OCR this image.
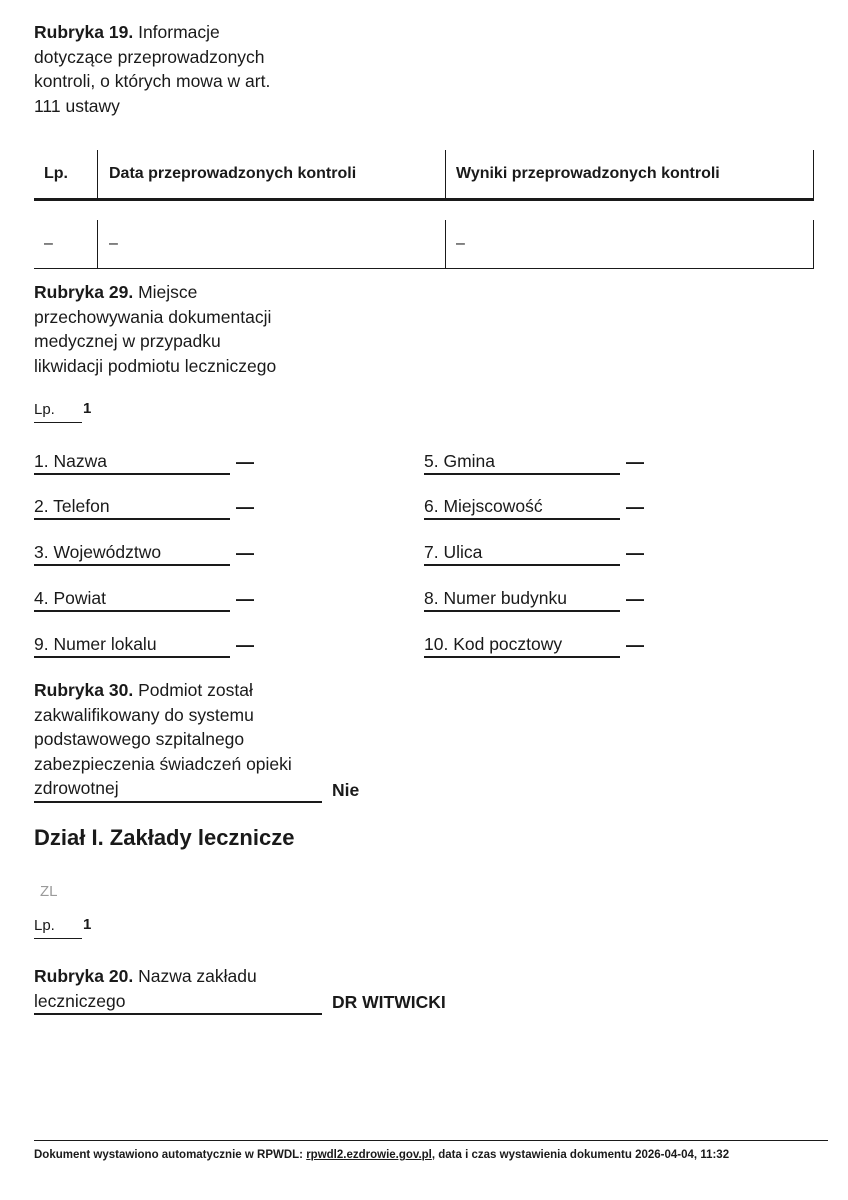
Rubryka 19. Informacje
dotyczące przeprowadzonych
kontroli, o których mowa w art.
111 ustawy
Lp.	Data przeprowadzonych kontroli	Wyniki przeprowadzonych kontroli
–	–	–
Rubryka 29. Miejsce
przechowywania dokumentacji
medycznej w przypadku
likwidacji podmiotu leczniczego
Lp. 1
1. Nazwa	—
2. Telefon	—
3. Województwo	—
4. Powiat	—
9. Numer lokalu	—
5. Gmina	—
6. Miejscowość	—
7. Ulica	—
8. Numer budynku	—
10. Kod pocztowy	—
Rubryka 30. Podmiot został
zakwalifikowany do systemu
podstawowego szpitalnego
zabezpieczenia świadczeń opieki
zdrowotnej	Nie
Dział I. Zakłady lecznicze
ZL
Lp. 1
Rubryka 20. Nazwa zakładu
leczniczego	DR WITWICKI
Dokument wystawiono automatycznie w RPWDL: rpwdl2.ezdrowie.gov.pl, data i czas wystawienia dokumentu 2026-04-04, 11:32
